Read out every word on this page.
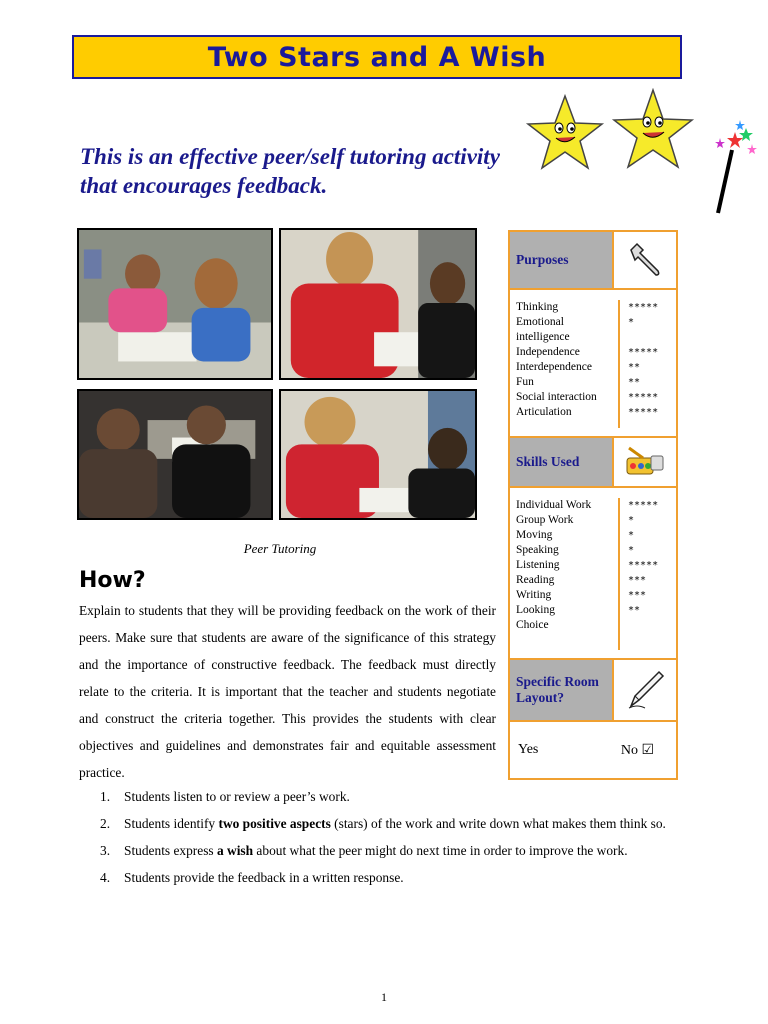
Two Stars and A Wish
This is an effective peer/self tutoring activity that encourages feedback.
Peer Tutoring
How?
Explain to students that they will be providing feedback on the work of their peers. Make sure that students are aware of the significance of this strategy and the importance of constructive feedback. The feedback must directly relate to the criteria. It is important that the teacher and students negotiate and construct the criteria together. This provides the students with clear objectives and guidelines and demonstrates fair and equitable assessment practice.
1. Students listen to or review a peer’s work.
2. Students identify two positive aspects (stars) of the work and write down what makes them think so.
3. Students express a wish about what the peer might do next time in order to improve the work.
4. Students provide the feedback in a written response.
Purposes
Thinking
Emotional
intelligence
Independence
Interdependence
Fun
Social interaction
Articulation
*****
*
*****
**
**
*****
*****
Skills Used
Individual Work
Group Work
Moving
Speaking
Listening
Reading
Writing
Looking
Choice
*****
*
*
*
*****
***
***
**
Specific Room Layout?
Yes	No ☑
1
